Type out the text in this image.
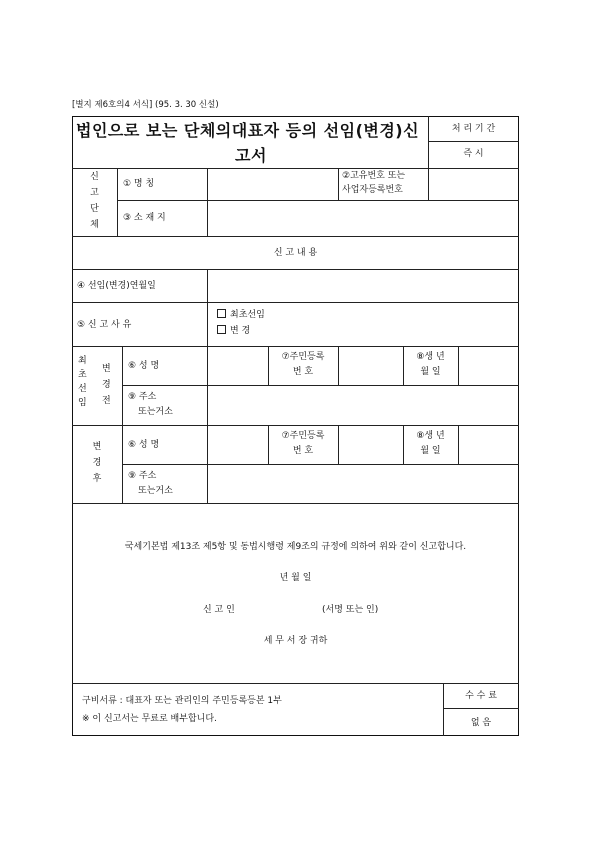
[별지 제6호의4 서식] (95. 3. 30 신설)
법인으로 보는 단체의대표자 등의 선임(변경)신
고서
처 리 기 간
즉 시
신
고
단
체
① 명 칭
②고유번호 또는
사업자등록번호
③ 소 재 지
신 고 내 용
④ 선임(변경)연월일
⑤ 신 고 사 유
최초선임
변 경
최
초
선
임
변
경
전
⑥ 성 명
⑦주민등록
번 호
⑧생 년
월 일
⑨ 주소
또는거소
변
경
후
⑥ 성 명
⑦주민등록
번 호
⑧생 년
월 일
⑨ 주소
또는거소
국세기본법 제13조 제5항 및 동법시행령 제9조의 규정에 의하여 위와 같이 신고합니다.
년 월 일
신 고 인	(서명 또는 인)
세 무 서 장 귀하
구비서류 : 대표자 또는 관리인의 주민등록등본 1부
※ 이 신고서는 무료로 배부합니다.
수 수 료
없 음
